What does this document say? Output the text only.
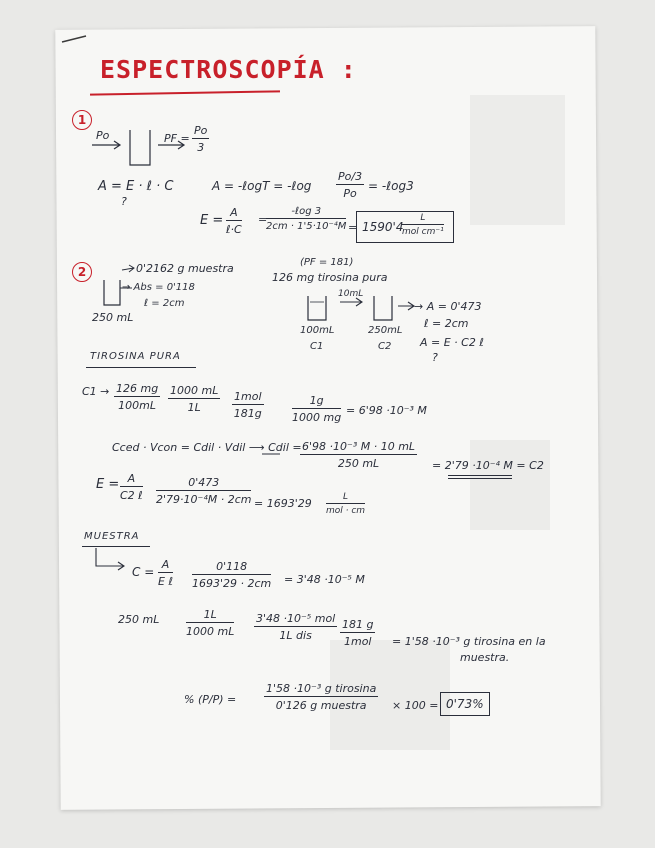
ESPECTROSCOPÍA :
1
Po	PF = $\frac{Po}{3}$
A = E · ℓ · C
?
A = -ℓogT = -ℓog $\frac{Po/3}{Po}$ = -ℓog3
E =
A
ℓ·C
=
-ℓog 3
2cm · 1'5·10⁻⁴M = 1590'4
L
mol cm⁻¹
2	0'2162 g muestra
→ Abs = 0'118
ℓ = 2cm
250 mL
(PF = 181)
126 mg tirosina pura
10mL
100mL
C1
250mL
C2
→ A = 0'473
ℓ = 2cm
A = E · C2 ℓ
?
TIROSINA PURA
$C1 \to \frac{126 mg}{100mL} \frac{1000 mL}{1L} 1mol$
181g	$\frac{1g}{1000 mg} = 6'98 \cdot 10^{-3}$ M
Cced · Vcon = Cdil · Vdil ⟶ Cdil =
$\frac{\text{6'98 ·10⁻³ M · 10 mL}}{250 mL} = 2'79 \cdot 10^{-4}$ M = C2
E = A
C2 ℓ $\frac{0'473}{\text{2'79·10⁻⁴M · 2cm}} = 1693'29$	L
mol · cm
MUESTRA
C =
A
E ℓ $\frac{0'118}{1693'29 \cdot 2cm} = 3'48 \cdot 10^{-5}$ M
250 mL $\frac{1L}{1000 mL} 3'48 \cdot 10^{-5}$ mol
1L dis
181 g
1mol	= 1'58 ·10⁻³ g tirosina en la
muestra.
% (P/P) =
1'58 ·10⁻³ g tirosina
0'126 g muestra	× 100 = 0'73%
